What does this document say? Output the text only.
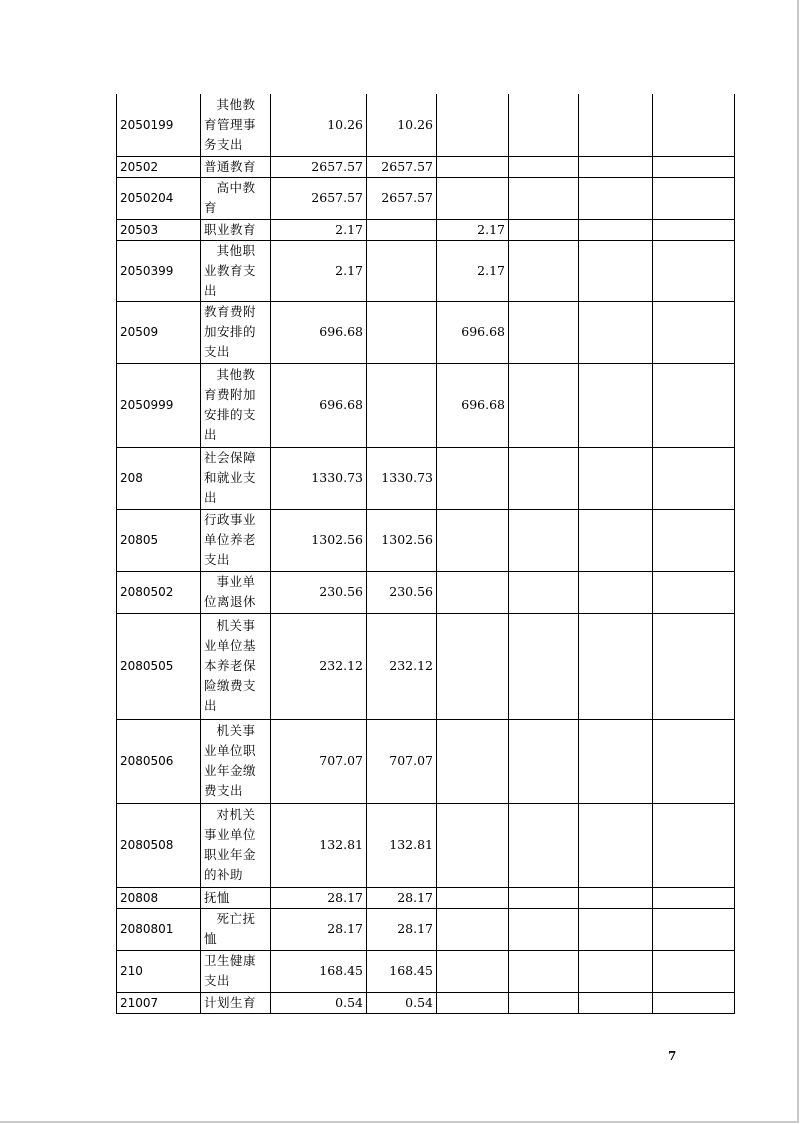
2050199	其他教育管理事务支出	10.26	10.26				
20502	普通教育	2657.57	2657.57				
2050204	高中教育	2657.57	2657.57				
20503	职业教育	2.17		2.17			
2050399	其他职业教育支出	2.17		2.17			
20509	教育费附加安排的支出	696.68		696.68			
2050999	其他教育费附加安排的支出	696.68		696.68			
208	社会保障和就业支出	1330.73	1330.73				
20805	行政事业单位养老支出	1302.56	1302.56				
2080502	事业单位离退休	230.56	230.56				
2080505	机关事业单位基本养老保险缴费支出	232.12	232.12				
2080506	机关事业单位职业年金缴费支出	707.07	707.07				
2080508	对机关事业单位职业年金的补助	132.81	132.81				
20808	抚恤	28.17	28.17				
2080801	死亡抚恤	28.17	28.17				
210	卫生健康支出	168.45	168.45				
21007	计划生育	0.54	0.54				
7
